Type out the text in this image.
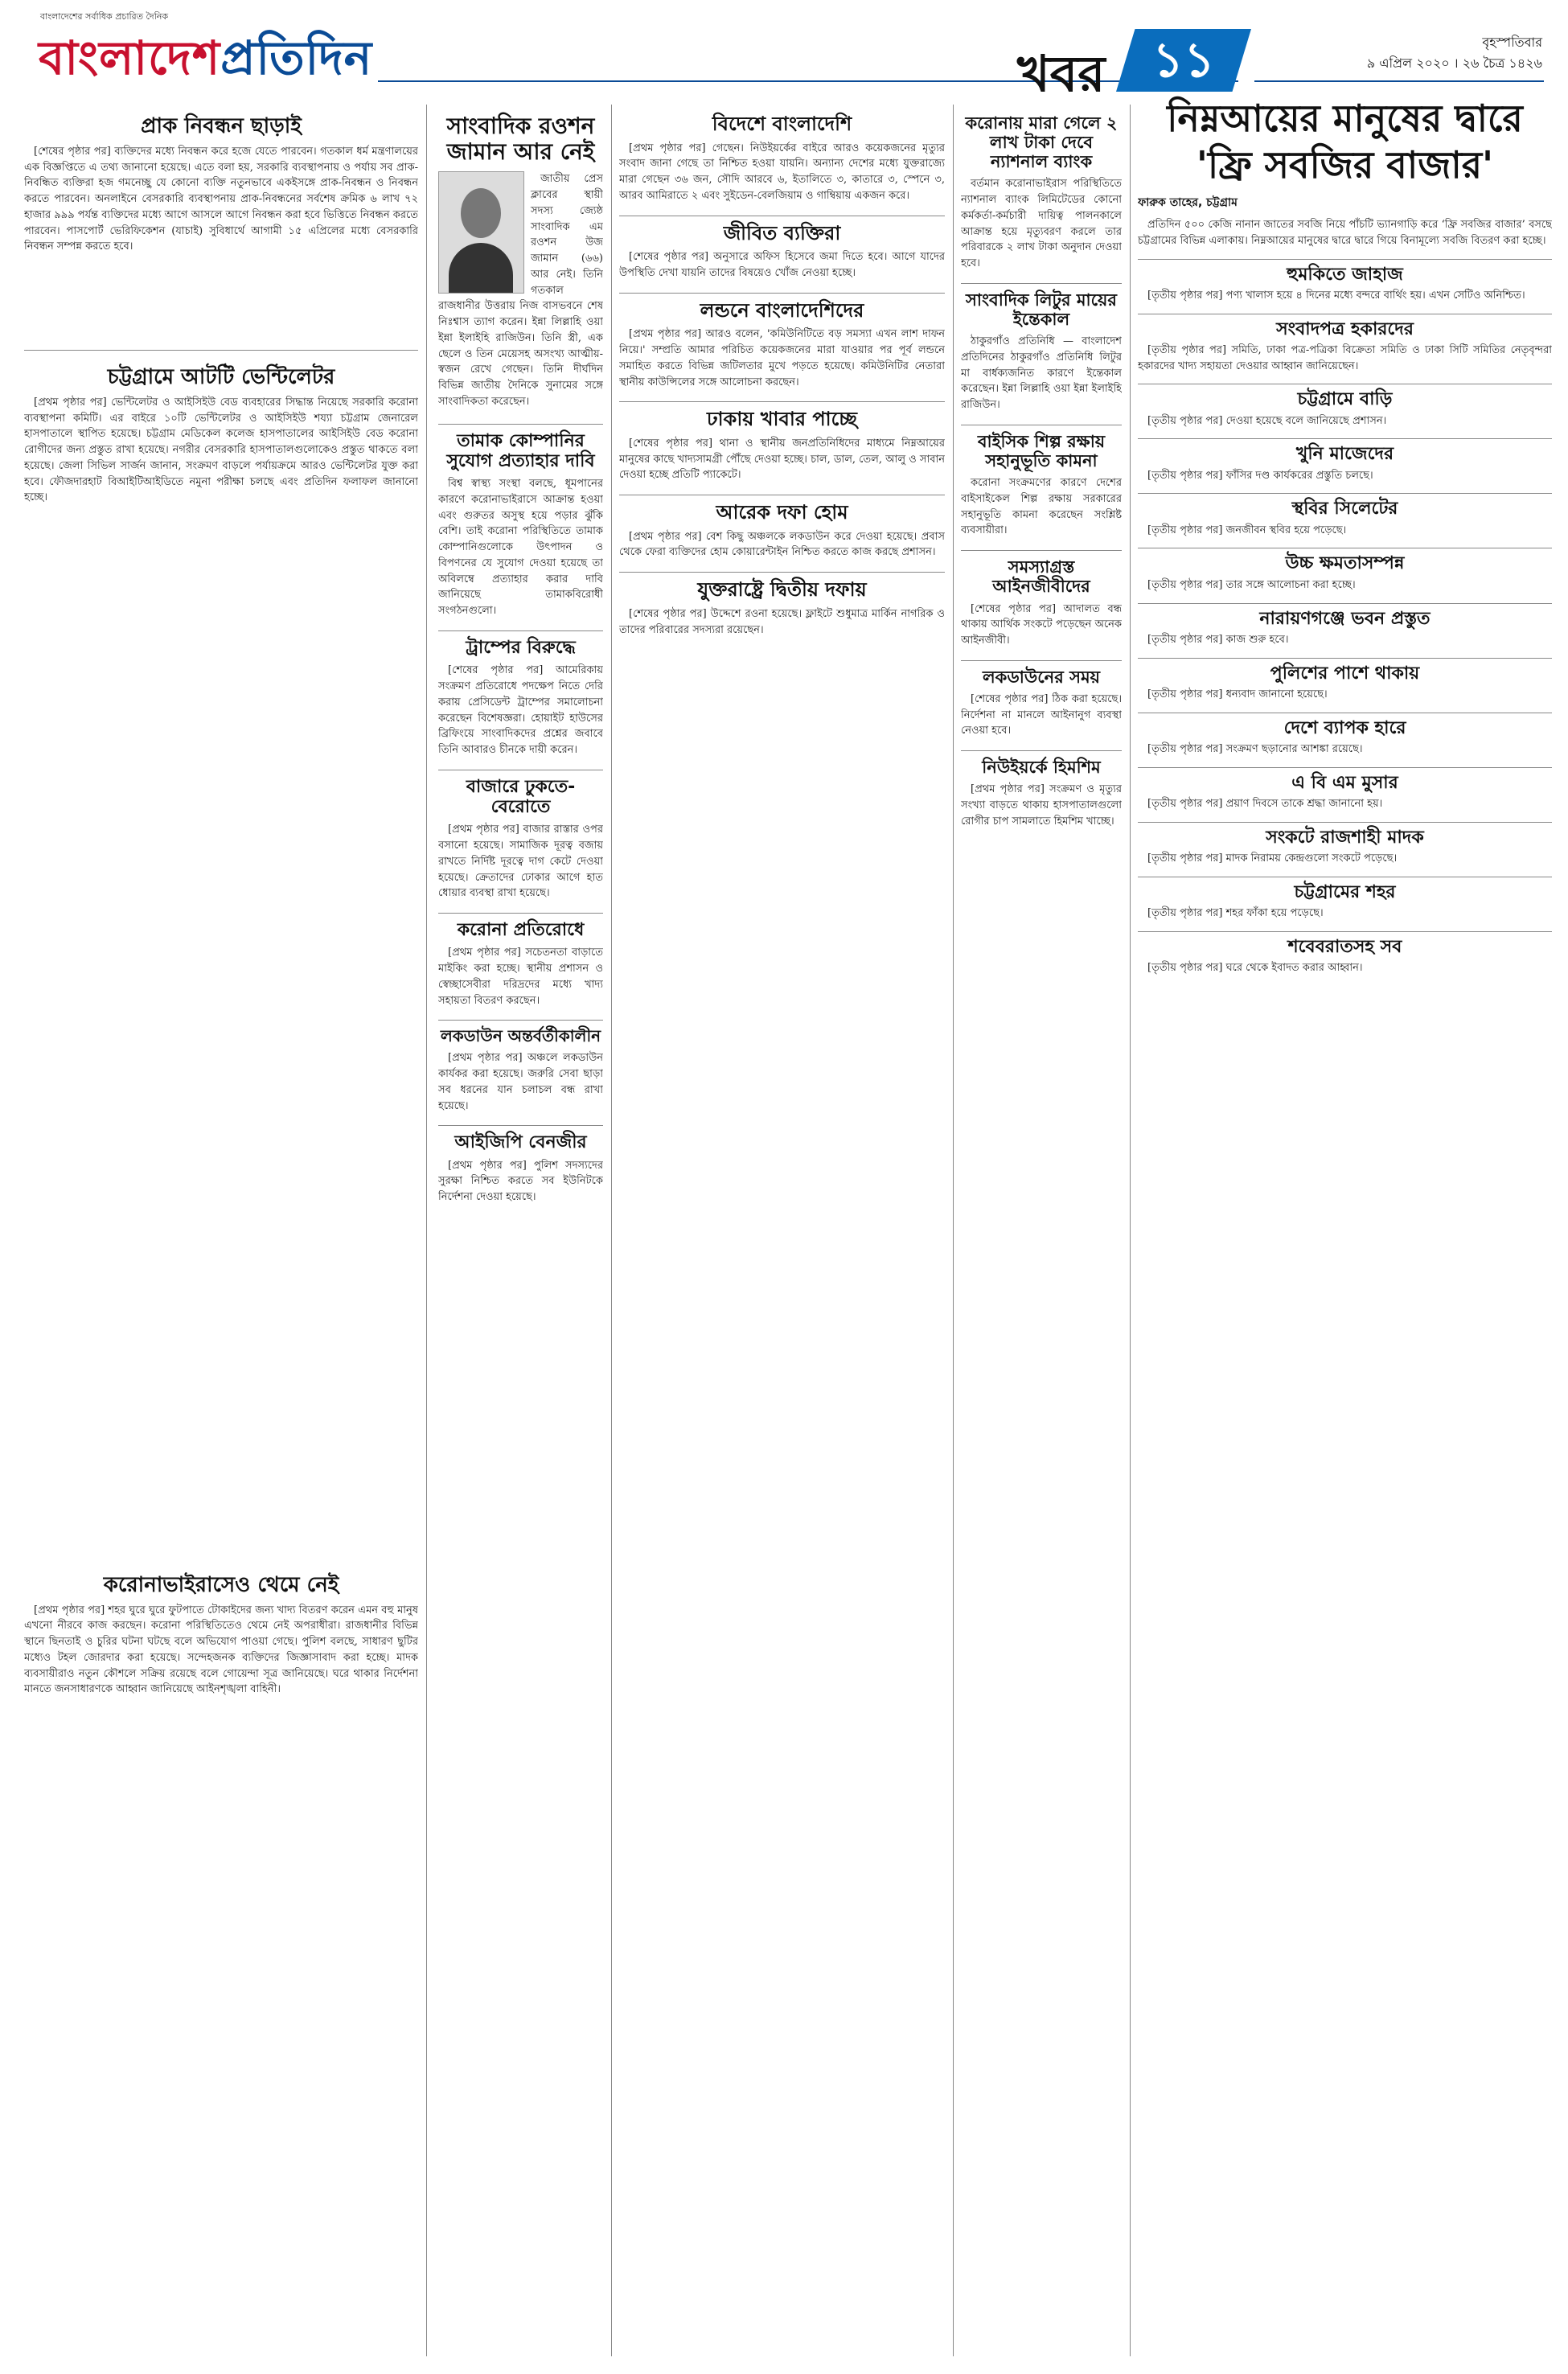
বাংলাদেশের সর্বাধিক প্রচারিত দৈনিক
বাংলাদেশপ্রতিদিন	খবর ১১	বৃহস্পতিবার
৯ এপ্রিল ২০২০ । ২৬ চৈত্র ১৪২৬
প্রাক নিবন্ধন ছাড়াই

[শেষের পৃষ্ঠার পর] ব্যক্তিদের মধ্যে নিবন্ধন করে হজে যেতে পারবেন। গতকাল ধর্ম মন্ত্রণালয়ের এক বিজ্ঞপ্তিতে এ তথ্য জানানো হয়েছে। এতে বলা হয়, সরকারি ব্যবস্থাপনায় ও পর্যায় সব প্রাক-নিবন্ধিত ব্যক্তিরা হজ গমনেচ্ছু যে কোনো ব্যক্তি নতুনভাবে একইসঙ্গে প্রাক-নিবন্ধন ও নিবন্ধন করতে পারবেন। অনলাইনে বেসরকারি ব্যবস্থাপনায় প্রাক-নিবন্ধনের সর্বশেষ ক্রমিক ৬ লাখ ৭২ হাজার ৯৯৯ পর্যন্ত ব্যক্তিদের মধ্যে আগে আসলে আগে নিবন্ধন করা হবে ভিত্তিতে নিবন্ধন করতে পারবেন। পাসপোর্ট ভেরিফিকেশন (যাচাই) সুবিধার্থে আগামী ১৫ এপ্রিলের মধ্যে বেসরকারি নিবন্ধন সম্পন্ন করতে হবে।

চট্টগ্রামে আটটি ভেন্টিলেটর

[প্রথম পৃষ্ঠার পর] ভেন্টিলেটর ও আইসিইউ বেড ব্যবহারের সিদ্ধান্ত নিয়েছে সরকারি করোনা ব্যবস্থাপনা কমিটি। এর বাইরে ১০টি ভেন্টিলেটর ও আইসিইউ শয্যা চট্টগ্রাম জেনারেল হাসপাতালে স্থাপিত হয়েছে। চট্টগ্রাম মেডিকেল কলেজ হাসপাতালের আইসিইউ বেড করোনা রোগীদের জন্য প্রস্তুত রাখা হয়েছে। নগরীর বেসরকারি হাসপাতালগুলোকেও প্রস্তুত থাকতে বলা হয়েছে। জেলা সিভিল সার্জন জানান, সংক্রমণ বাড়লে পর্যায়ক্রমে আরও ভেন্টিলেটর যুক্ত করা হবে। ফৌজদারহাট বিআইটিআইডিতে নমুনা পরীক্ষা চলছে এবং প্রতিদিন ফলাফল জানানো হচ্ছে।

করোনাভাইরাসেও থেমে নেই

[প্রথম পৃষ্ঠার পর] শহর ঘুরে ঘুরে ফুটপাতে টোকাইদের জন্য খাদ্য বিতরণ করেন এমন বহু মানুষ এখনো নীরবে কাজ করছেন। করোনা পরিস্থিতিতেও থেমে নেই অপরাধীরা। রাজধানীর বিভিন্ন স্থানে ছিনতাই ও চুরির ঘটনা ঘটছে বলে অভিযোগ পাওয়া গেছে। পুলিশ বলছে, সাধারণ ছুটির মধ্যেও টহল জোরদার করা হয়েছে। সন্দেহজনক ব্যক্তিদের জিজ্ঞাসাবাদ করা হচ্ছে। মাদক ব্যবসায়ীরাও নতুন কৌশলে সক্রিয় রয়েছে বলে গোয়েন্দা সূত্র জানিয়েছে। ঘরে থাকার নির্দেশনা মানতে জনসাধারণকে আহ্বান জানিয়েছে আইনশৃঙ্খলা বাহিনী।

সাংবাদিক রওশন জামান আর নেই

জাতীয় প্রেস ক্লাবের স্থায়ী সদস্য জ্যেষ্ঠ সাংবাদিক এম রওশন উজ জামান (৬৬) আর নেই। তিনি গতকাল রাজধানীর উত্তরায় নিজ বাসভবনে শেষ নিঃশ্বাস ত্যাগ করেন। ইন্না লিল্লাহি ওয়া ইন্না ইলাইহি রাজিউন। তিনি স্ত্রী, এক ছেলে ও তিন মেয়েসহ অসংখ্য আত্মীয়-স্বজন রেখে গেছেন। তিনি দীর্ঘদিন বিভিন্ন জাতীয় দৈনিকে সুনামের সঙ্গে সাংবাদিকতা করেছেন।

তামাক কোম্পানির সুযোগ প্রত্যাহার দাবি

বিশ্ব স্বাস্থ্য সংস্থা বলছে, ধূমপানের কারণে করোনাভাইরাসে আক্রান্ত হওয়া এবং গুরুতর অসুস্থ হয়ে পড়ার ঝুঁকি বেশি। তাই করোনা পরিস্থিতিতে তামাক কোম্পানিগুলোকে উৎপাদন ও বিপণনের যে সুযোগ দেওয়া হয়েছে তা অবিলম্বে প্রত্যাহার করার দাবি জানিয়েছে তামাকবিরোধী সংগঠনগুলো।

ট্রাম্পের বিরুদ্ধে

[শেষের পৃষ্ঠার পর] আমেরিকায় সংক্রমণ প্রতিরোধে পদক্ষেপ নিতে দেরি করায় প্রেসিডেন্ট ট্রাম্পের সমালোচনা করেছেন বিশেষজ্ঞরা। হোয়াইট হাউসের ব্রিফিংয়ে সাংবাদিকদের প্রশ্নের জবাবে তিনি আবারও চীনকে দায়ী করেন।

বাজারে ঢুকতে-বেরোতে

[প্রথম পৃষ্ঠার পর] বাজার রাস্তার ওপর বসানো হয়েছে। সামাজিক দূরত্ব বজায় রাখতে নির্দিষ্ট দূরত্বে দাগ কেটে দেওয়া হয়েছে। ক্রেতাদের ঢোকার আগে হাত ধোয়ার ব্যবস্থা রাখা হয়েছে।

করোনা প্রতিরোধে

[প্রথম পৃষ্ঠার পর] সচেতনতা বাড়াতে মাইকিং করা হচ্ছে। স্থানীয় প্রশাসন ও স্বেচ্ছাসেবীরা দরিদ্রদের মধ্যে খাদ্য সহায়তা বিতরণ করছেন।

লকডাউন অন্তর্বর্তীকালীন

[প্রথম পৃষ্ঠার পর] অঞ্চলে লকডাউন কার্যকর করা হয়েছে। জরুরি সেবা ছাড়া সব ধরনের যান চলাচল বন্ধ রাখা হয়েছে।

আইজিপি বেনজীর

[প্রথম পৃষ্ঠার পর] পুলিশ সদস্যদের সুরক্ষা নিশ্চিত করতে সব ইউনিটকে নির্দেশনা দেওয়া হয়েছে।

বিদেশে বাংলাদেশি

[প্রথম পৃষ্ঠার পর] গেছেন। নিউইয়র্কের বাইরে আরও কয়েকজনের মৃত্যুর সংবাদ জানা গেছে তা নিশ্চিত হওয়া যায়নি। অন্যান্য দেশের মধ্যে যুক্তরাজ্যে মারা গেছেন ৩৬ জন, সৌদি আরবে ৬, ইতালিতে ৩, কাতারে ৩, স্পেনে ৩, আরব আমিরাতে ২ এবং সুইডেন-বেলজিয়াম ও গাম্বিয়ায় একজন করে।

জীবিত ব্যক্তিরা

[শেষের পৃষ্ঠার পর] অনুসারে অফিস হিসেবে জমা দিতে হবে। আগে যাদের উপস্থিতি দেখা যায়নি তাদের বিষয়েও খোঁজ নেওয়া হচ্ছে।

লন্ডনে বাংলাদেশিদের

[প্রথম পৃষ্ঠার পর] আরও বলেন, 'কমিউনিটিতে বড় সমস্যা এখন লাশ দাফন নিয়ে।' সম্প্রতি আমার পরিচিত কয়েকজনের মারা যাওয়ার পর পূর্ব লন্ডনে সমাহিত করতে বিভিন্ন জটিলতার মুখে পড়তে হয়েছে। কমিউনিটির নেতারা স্থানীয় কাউন্সিলের সঙ্গে আলোচনা করছেন।

ঢাকায় খাবার পাচ্ছে

[শেষের পৃষ্ঠার পর] থানা ও স্থানীয় জনপ্রতিনিধিদের মাধ্যমে নিম্নআয়ের মানুষের কাছে খাদ্যসামগ্রী পৌঁছে দেওয়া হচ্ছে। চাল, ডাল, তেল, আলু ও সাবান দেওয়া হচ্ছে প্রতিটি প্যাকেটে।

আরেক দফা হোম

[প্রথম পৃষ্ঠার পর] বেশ কিছু অঞ্চলকে লকডাউন করে দেওয়া হয়েছে। প্রবাস থেকে ফেরা ব্যক্তিদের হোম কোয়ারেন্টাইন নিশ্চিত করতে কাজ করছে প্রশাসন।

যুক্তরাষ্ট্রে দ্বিতীয় দফায়

[শেষের পৃষ্ঠার পর] উদ্দেশে রওনা হয়েছে। ফ্লাইটে শুধুমাত্র মার্কিন নাগরিক ও তাদের পরিবারের সদস্যরা রয়েছেন।

করোনায় মারা গেলে ২ লাখ টাকা দেবে ন্যাশনাল ব্যাংক

বর্তমান করোনাভাইরাস পরিস্থিতিতে ন্যাশনাল ব্যাংক লিমিটেডের কোনো কর্মকর্তা-কর্মচারী দায়িত্ব পালনকালে আক্রান্ত হয়ে মৃত্যুবরণ করলে তার পরিবারকে ২ লাখ টাকা অনুদান দেওয়া হবে।

সাংবাদিক লিটুর মায়ের ইন্তেকাল

ঠাকুরগাঁও প্রতিনিধি — বাংলাদেশ প্রতিদিনের ঠাকুরগাঁও প্রতিনিধি লিটুর মা বার্ধক্যজনিত কারণে ইন্তেকাল করেছেন। ইন্না লিল্লাহি ওয়া ইন্না ইলাইহি রাজিউন।

বাইসিক শিল্প রক্ষায় সহানুভূতি কামনা

করোনা সংক্রমণের কারণে দেশের বাইসাইকেল শিল্প রক্ষায় সরকারের সহানুভূতি কামনা করেছেন সংশ্লিষ্ট ব্যবসায়ীরা।

সমস্যাগ্রস্ত আইনজীবীদের

[শেষের পৃষ্ঠার পর] আদালত বন্ধ থাকায় আর্থিক সংকটে পড়েছেন অনেক আইনজীবী।

লকডাউনের সময়

[শেষের পৃষ্ঠার পর] ঠিক করা হয়েছে। নির্দেশনা না মানলে আইনানুগ ব্যবস্থা নেওয়া হবে।

নিউইয়র্কে হিমশিম

[প্রথম পৃষ্ঠার পর] সংক্রমণ ও মৃত্যুর সংখ্যা বাড়তে থাকায় হাসপাতালগুলো রোগীর চাপ সামলাতে হিমশিম খাচ্ছে।

নিম্নআয়ের মানুষের দ্বারে 'ফ্রি সবজির বাজার'
ফারুক তাহের, চট্টগ্রাম

প্রতিদিন ৫০০ কেজি নানান জাতের সবজি নিয়ে পাঁচটি ভ্যানগাড়ি করে ‘ফ্রি সবজির বাজার’ বসছে চট্টগ্রামের বিভিন্ন এলাকায়। নিম্নআয়ের মানুষের দ্বারে দ্বারে গিয়ে বিনামূল্যে সবজি বিতরণ করা হচ্ছে।

হুমকিতে জাহাজ

[তৃতীয় পৃষ্ঠার পর] পণ্য খালাস হয়ে ৪ দিনের মধ্যে বন্দরে বার্থিং হয়। এখন সেটিও অনিশ্চিত।

সংবাদপত্র হকারদের

[তৃতীয় পৃষ্ঠার পর] সমিতি, ঢাকা পত্র-পত্রিকা বিক্রেতা সমিতি ও ঢাকা সিটি সমিতির নেতৃবৃন্দরা হকারদের খাদ্য সহায়তা দেওয়ার আহ্বান জানিয়েছেন।

চট্টগ্রামে বাড়ি

[তৃতীয় পৃষ্ঠার পর] দেওয়া হয়েছে বলে জানিয়েছে প্রশাসন।

খুনি মাজেদের

[তৃতীয় পৃষ্ঠার পর] ফাঁসির দণ্ড কার্যকরের প্রস্তুতি চলছে।

স্থবির সিলেটের

[তৃতীয় পৃষ্ঠার পর] জনজীবন স্থবির হয়ে পড়েছে।

উচ্চ ক্ষমতাসম্পন্ন

[তৃতীয় পৃষ্ঠার পর] তার সঙ্গে আলোচনা করা হচ্ছে।

নারায়ণগঞ্জে ভবন প্রস্তুত

[তৃতীয় পৃষ্ঠার পর] কাজ শুরু হবে।

পুলিশের পাশে থাকায়

[তৃতীয় পৃষ্ঠার পর] ধন্যবাদ জানানো হয়েছে।

দেশে ব্যাপক হারে

[তৃতীয় পৃষ্ঠার পর] সংক্রমণ ছড়ানোর আশঙ্কা রয়েছে।

এ বি এম মুসার

[তৃতীয় পৃষ্ঠার পর] প্রয়াণ দিবসে তাকে শ্রদ্ধা জানানো হয়।

সংকটে রাজশাহী মাদক

[তৃতীয় পৃষ্ঠার পর] মাদক নিরাময় কেন্দ্রগুলো সংকটে পড়েছে।

চট্টগ্রামের শহর

[তৃতীয় পৃষ্ঠার পর] শহর ফাঁকা হয়ে পড়েছে।

শবেবরাতসহ সব

[তৃতীয় পৃষ্ঠার পর] ঘরে থেকে ইবাদত করার আহ্বান।
